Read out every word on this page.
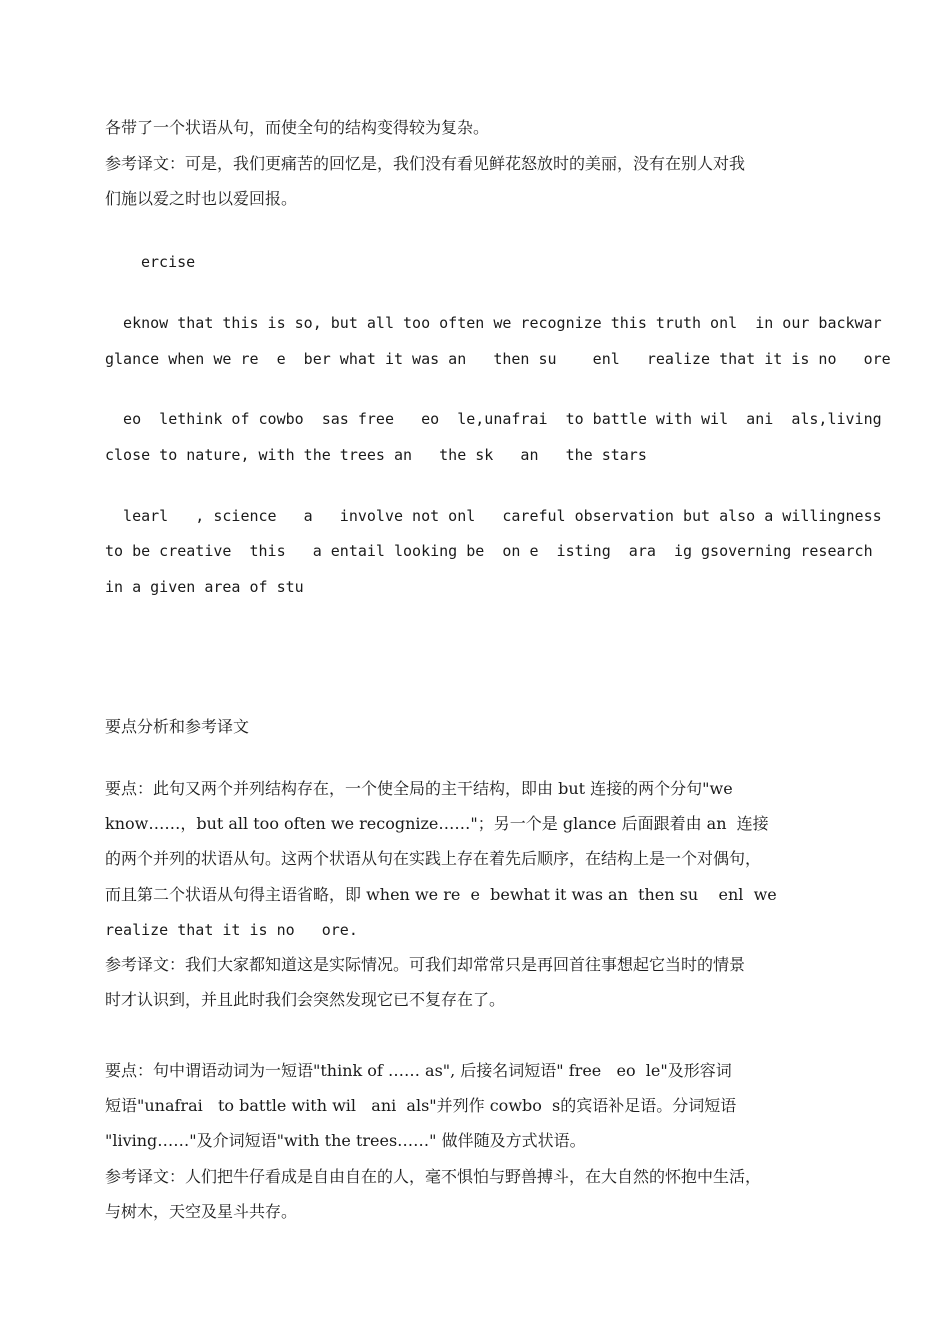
各带了一个状语从句，而使全句的结构变得较为复杂。

参考译文：可是，我们更痛苦的回忆是，我们没有看见鲜花怒放时的美丽，没有在别人对我

们施以爱之时也以爱回报。

ercise

eknow that this is so, but all too often we recognize this truth onl  in our backwar

glance when we re  e  ber what it was an   then su    enl   realize that it is no   ore

eo  lethink of cowbo  sas free   eo  le,unafrai  to battle with wil  ani  als,living

close to nature, with the trees an   the sk   an   the stars

learl   , science   a   involve not onl   careful observation but also a willingness

to be creative  this   a entail looking be  on e  isting  ara  ig gsoverning research

in a given area of stu

要点分析和参考译文

要点：此句又两个并列结构存在，一个使全局的主干结构，即由 but 连接的两个分句"we

know……，but all too often we recognize……"；另一个是 glance 后面跟着由 an  连接

的两个并列的状语从句。这两个状语从句在实践上存在着先后顺序，在结构上是一个对偶句，

而且第二个状语从句得主语省略，即 when we re  e  bewhat it was an  then su    enl  we

realize that it is no   ore.

参考译文：我们大家都知道这是实际情况。可我们却常常只是再回首往事想起它当时的情景

时才认识到，并且此时我们会突然发现它已不复存在了。

要点：句中谓语动词为一短语"think of …… as", 后接名词短语" free   eo  le"及形容词

短语"unafrai   to battle with wil   ani  als"并列作 cowbo  s的宾语补足语。分词短语

"living……"及介词短语"with the trees……" 做伴随及方式状语。

参考译文：人们把牛仔看成是自由自在的人，毫不惧怕与野兽搏斗，在大自然的怀抱中生活，

与树木，天空及星斗共存。
